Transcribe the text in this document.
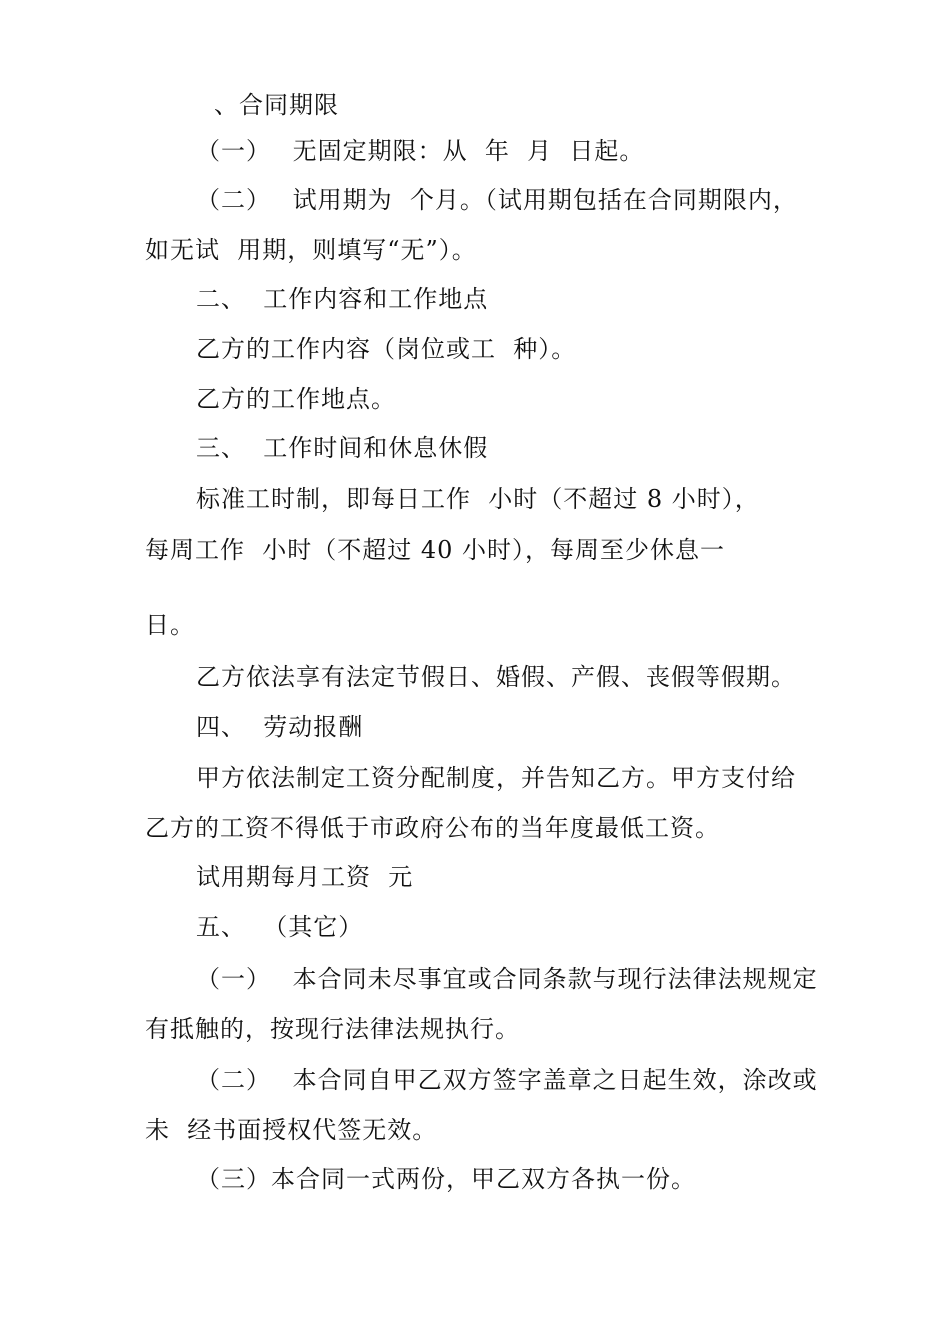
、合同期限
（一）　 无固定期限：从  年  月  日起。
（二）　 试用期为  个月。（试用期包括在合同期限内，
如无试  用期，则填写“无”）。
二、  工作内容和工作地点
乙方的工作内容（岗位或工  种）。
乙方的工作地点。
三、  工作时间和休息休假
标准工时制，即每日工作  小时（不超过 8 小时），
每周工作  小时（不超过 40 小时），每周至少休息一
日。
乙方依法享有法定节假日、婚假、产假、丧假等假期。
四、  劳动报酬
甲方依法制定工资分配制度，并告知乙方。甲方支付给
乙方的工资不得低于市政府公布的当年度最低工资。
试用期每月工资  元
五、  （其它）
（一）　 本合同未尽事宜或合同条款与现行法律法规规定
有抵触的，按现行法律法规执行。
（二）　 本合同自甲乙双方签字盖章之日起生效，涂改或
未  经书面授权代签无效。
（三）本合同一式两份，甲乙双方各执一份。
